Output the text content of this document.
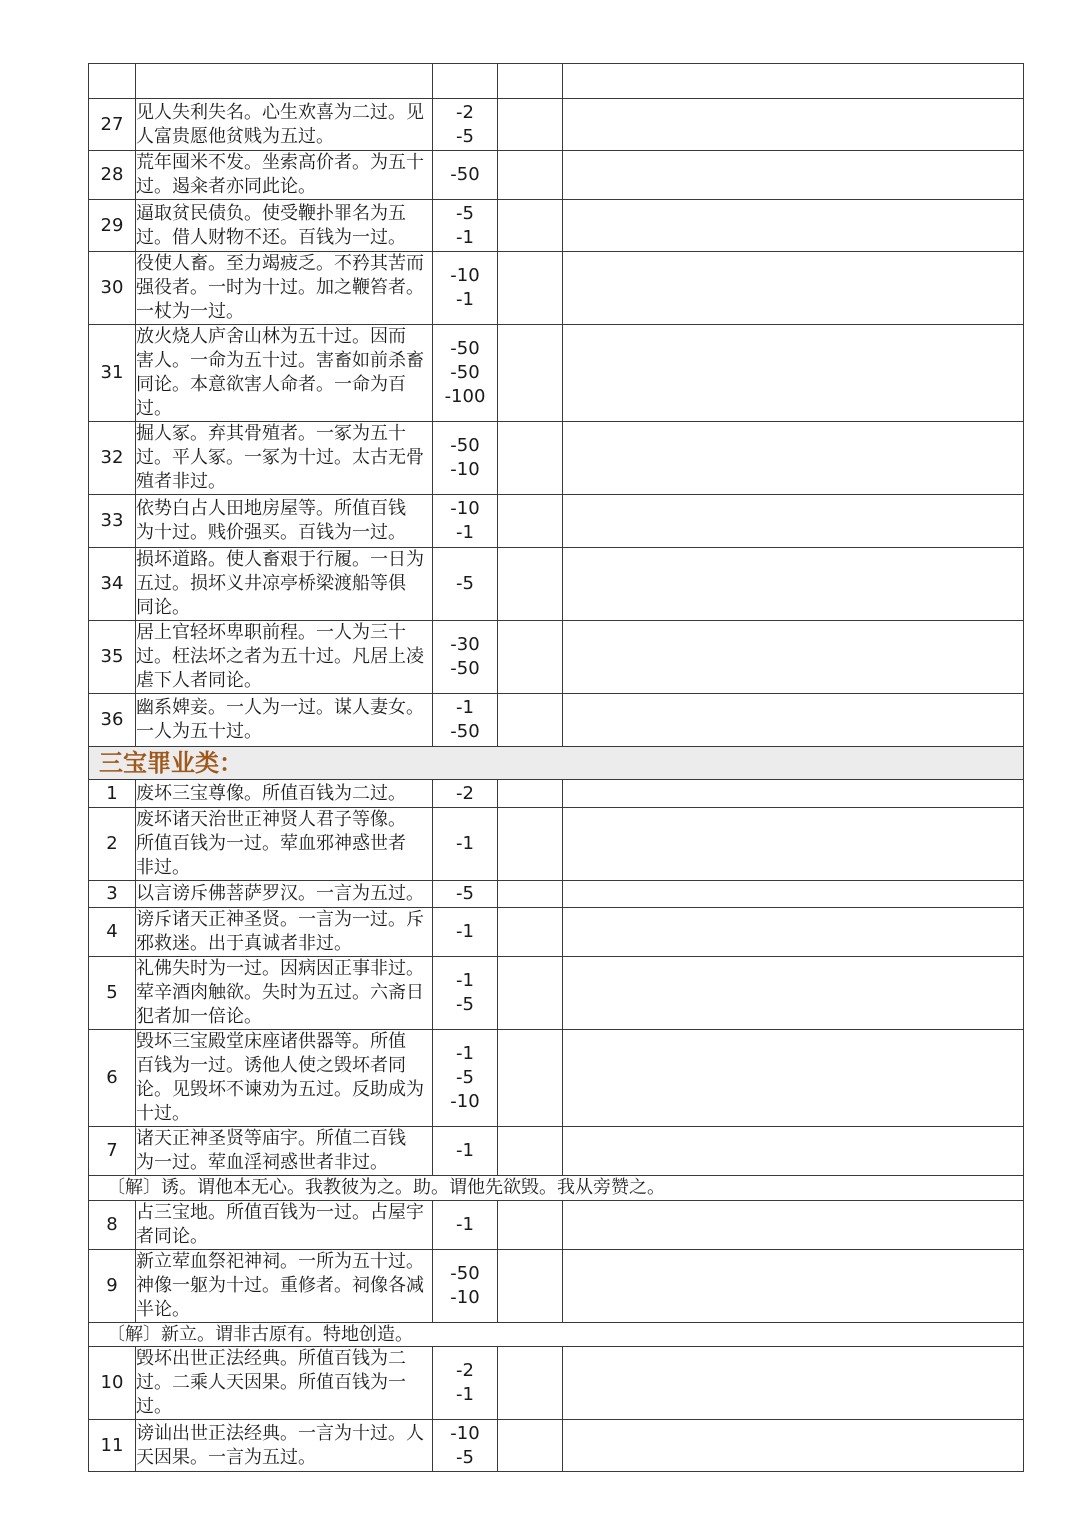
27	见人失利失名。心生欢喜为二过。见
人富贵愿他贫贱为五过。	-2
-5		
28	荒年囤米不发。坐索高价者。为五十
过。遏籴者亦同此论。	-50		
29	逼取贫民债负。使受鞭扑罪名为五
过。借人财物不还。百钱为一过。	-5
-1		
30	役使人畜。至力竭疲乏。不矜其苦而
强役者。一时为十过。加之鞭笞者。
一杖为一过。	-10
-1		
31	放火烧人庐舍山林为五十过。因而
害人。一命为五十过。害畜如前杀畜
同论。本意欲害人命者。一命为百
过。	-50
-50
-100		
32	掘人冢。弃其骨殖者。一冢为五十
过。平人冢。一冢为十过。太古无骨
殖者非过。	-50
-10		
33	依势白占人田地房屋等。所值百钱
为十过。贱价强买。百钱为一过。	-10
-1		
34	损坏道路。使人畜艰于行履。一日为
五过。损坏义井凉亭桥梁渡船等俱
同论。	-5		
35	居上官轻坏卑职前程。一人为三十
过。枉法坏之者为五十过。凡居上凌
虐下人者同论。	-30
-50		
36	幽系婢妾。一人为一过。谋人妻女。
一人为五十过。	-1
-50		
三宝罪业类：				
1	废坏三宝尊像。所值百钱为二过。	-2		
2	废坏诸天治世正神贤人君子等像。
所值百钱为一过。荤血邪神惑世者
非过。	-1		
3	以言谤斥佛菩萨罗汉。一言为五过。	-5		
4	谤斥诸天正神圣贤。一言为一过。斥
邪救迷。出于真诚者非过。	-1		
5	礼佛失时为一过。因病因正事非过。
荤辛酒肉触欲。失时为五过。六斋日
犯者加一倍论。	-1
-5		
6	毁坏三宝殿堂床座诸供器等。所值
百钱为一过。诱他人使之毁坏者同
论。见毁坏不谏劝为五过。反助成为
十过。	-1
-5
-10		
7	诸天正神圣贤等庙宇。所值二百钱
为一过。荤血淫祠惑世者非过。	-1		
〔解〕诱。谓他本无心。我教彼为之。助。谓他先欲毁。我从旁赞之。				
8	占三宝地。所值百钱为一过。占屋宇
者同论。	-1		
9	新立荤血祭祀神祠。一所为五十过。
神像一躯为十过。重修者。祠像各减
半论。	-50
-10		
〔解〕新立。谓非古原有。特地创造。				
10	毁坏出世正法经典。所值百钱为二
过。二乘人天因果。所值百钱为一
过。	-2
-1		
11	谤讪出世正法经典。一言为十过。人
天因果。一言为五过。	-10
-5		
